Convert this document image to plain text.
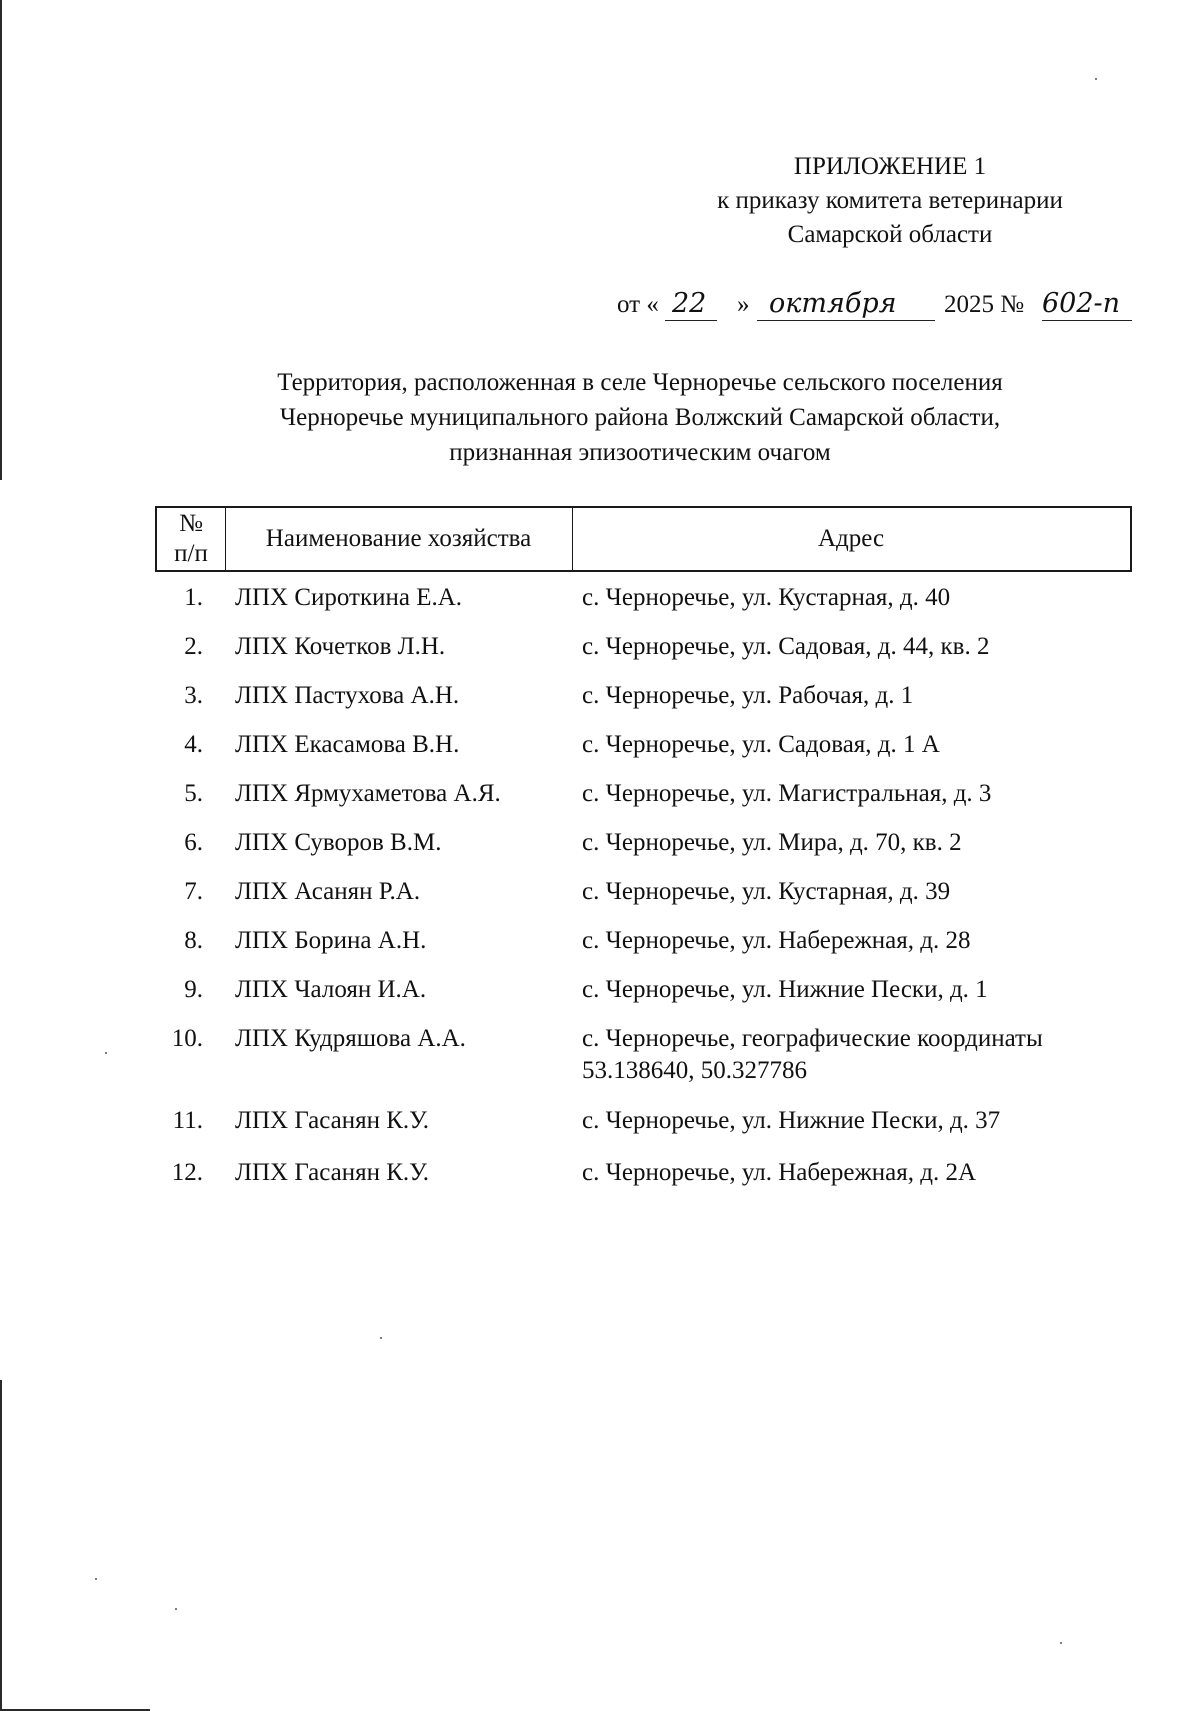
ПРИЛОЖЕНИЕ 1
к приказу комитета ветеринарии
Самарской области
от « 22 » октября 2025 № 602-п
Территория, расположенная в селе Черноречье сельского поселения
Черноречье муниципального района Волжский Самарской области,
признанная эпизоотическим очагом
№
п/п
Наименование хозяйства	Адрес
1. ЛПХ Сироткина Е.А.	с. Черноречье, ул. Кустарная, д. 40
2. ЛПХ Кочетков Л.Н.	с. Черноречье, ул. Садовая, д. 44, кв. 2
3. ЛПХ Пастухова А.Н.	с. Черноречье, ул. Рабочая, д. 1
4. ЛПХ Екасамова В.Н.	с. Черноречье, ул. Садовая, д. 1 А
5. ЛПХ Ярмухаметова А.Я.	с. Черноречье, ул. Магистральная, д. 3
6. ЛПХ Суворов В.М.	с. Черноречье, ул. Мира, д. 70, кв. 2
7. ЛПХ Асанян Р.А.	с. Черноречье, ул. Кустарная, д. 39
8. ЛПХ Борина А.Н.	с. Черноречье, ул. Набережная, д. 28
9. ЛПХ Чалоян И.А.	с. Черноречье, ул. Нижние Пески, д. 1
10. ЛПХ Кудряшова А.А.	с. Черноречье, географические координаты
53.138640, 50.327786
11. ЛПХ Гасанян К.У.	с. Черноречье, ул. Нижние Пески, д. 37
12. ЛПХ Гасанян К.У.	с. Черноречье, ул. Набережная, д. 2А
